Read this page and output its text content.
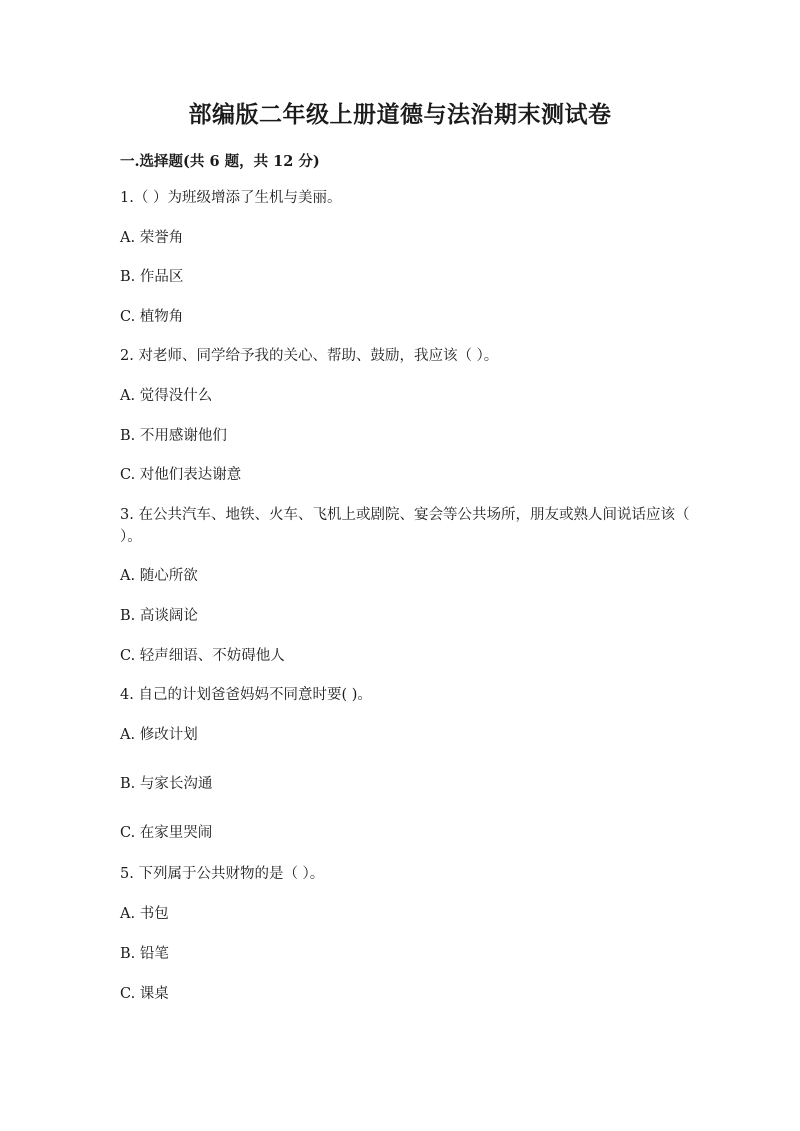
部编版二年级上册道德与法治期末测试卷
一.选择题(共 6 题，共 12 分)
1.（ ）为班级增添了生机与美丽。
A. 荣誉角
B. 作品区
C. 植物角
2. 对老师、同学给予我的关心、帮助、鼓励，我应该（ ）。
A. 觉得没什么
B. 不用感谢他们
C. 对他们表达谢意
3. 在公共汽车、地铁、火车、飞机上或剧院、宴会等公共场所，朋友或熟人间说话应该（ ）。
A. 随心所欲
B. 高谈阔论
C. 轻声细语、不妨碍他人
4. 自己的计划爸爸妈妈不同意时要( )。
A. 修改计划
B. 与家长沟通
C. 在家里哭闹
5. 下列属于公共财物的是（ ）。
A. 书包
B. 铅笔
C. 课桌
